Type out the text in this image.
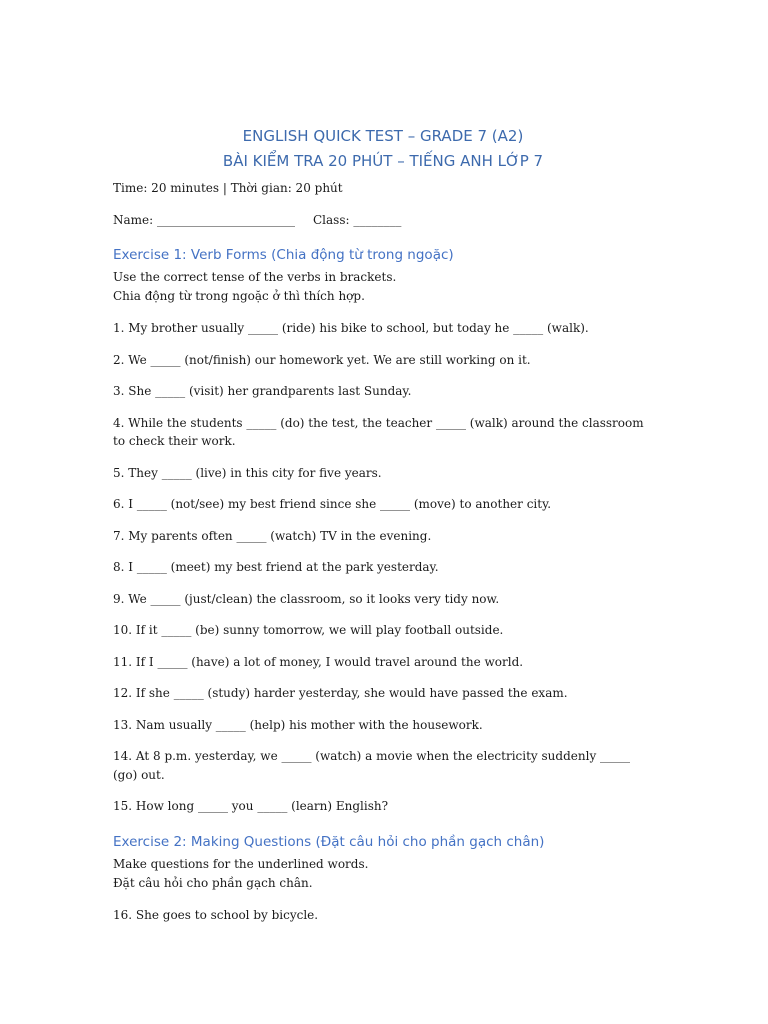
ENGLISH QUICK TEST – GRADE 7 (A2)

BÀI KIỂM TRA 20 PHÚT – TIẾNG ANH LỚP 7

Time: 20 minutes | Thời gian: 20 phút

Name: _______________________ Class: ________

Exercise 1: Verb Forms (Chia động từ trong ngoặc)

Use the correct tense of the verbs in brackets.

Chia động từ trong ngoặc ở thì thích hợp.

1. My brother usually _____ (ride) his bike to school, but today he _____ (walk).
2. We _____ (not/finish) our homework yet. We are still working on it.
3. She _____ (visit) her grandparents last Sunday.
4. While the students _____ (do) the test, the teacher _____ (walk) around the classroom to check their work.
5. They _____ (live) in this city for five years.
6. I _____ (not/see) my best friend since she _____ (move) to another city.
7. My parents often _____ (watch) TV in the evening.
8. I _____ (meet) my best friend at the park yesterday.
9. We _____ (just/clean) the classroom, so it looks very tidy now.
10. If it _____ (be) sunny tomorrow, we will play football outside.
11. If I _____ (have) a lot of money, I would travel around the world.
12. If she _____ (study) harder yesterday, she would have passed the exam.
13. Nam usually _____ (help) his mother with the housework.
14. At 8 p.m. yesterday, we _____ (watch) a movie when the electricity suddenly _____ (go) out.
15. How long _____ you _____ (learn) English?
Exercise 2: Making Questions (Đặt câu hỏi cho phần gạch chân)

Make questions for the underlined words.

Đặt câu hỏi cho phần gạch chân.

16. She goes to school by bicycle.
